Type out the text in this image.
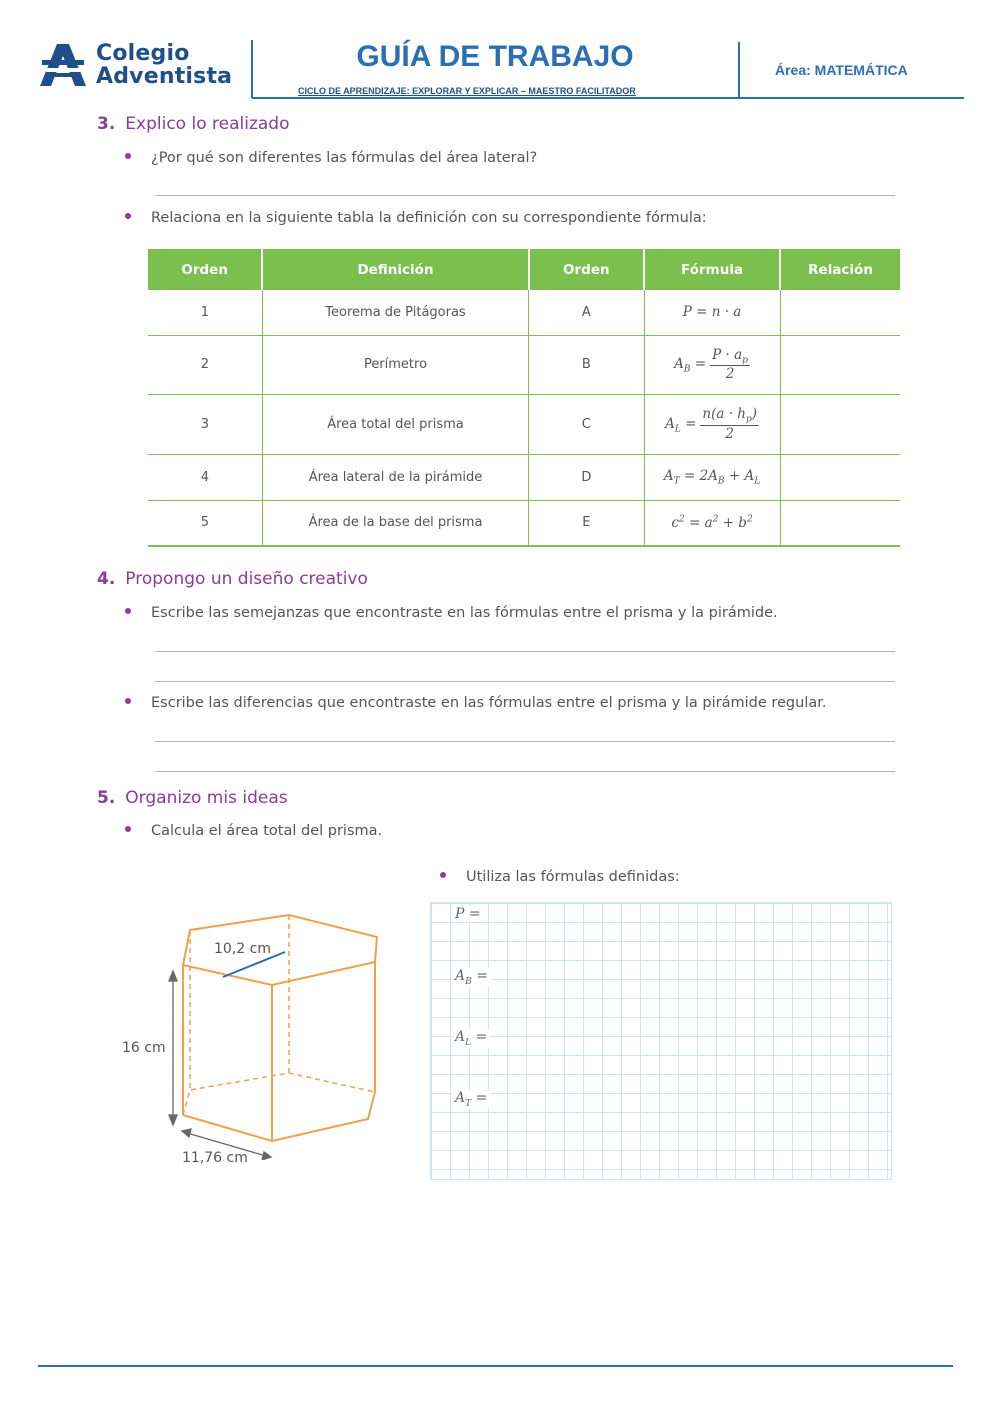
Colegio
Adventista
GUÍA DE TRABAJO
CICLO DE APRENDIZAJE: EXPLORAR Y EXPLICAR – MAESTRO FACILITADOR
Área: MATEMÁTICA
3. Explico lo realizado
¿Por qué son diferentes las fórmulas del área lateral?
Relaciona en la siguiente tabla la definición con su correspondiente fórmula:
Orden	Definición	Orden	Fórmula	Relación
1	Teorema de Pitágoras	A	P = n · a	
2	Perímetro	B	$A_B = \frac{P \cdot a_p}{2}$

3	Área total del prisma	C	$A_L = \frac{n(a \cdot h_p)}{2}$

4	Área lateral de la pirámide	D	$A_T = 2A_B + A_L$	
5	Área de la base del prisma	E	$c^2 = a^2 + b^2$	
4. Propongo un diseño creativo
Escribe las semejanzas que encontraste en las fórmulas entre el prisma y la pirámide.
Escribe las diferencias que encontraste en las fórmulas entre el prisma y la pirámide regular.
5. Organizo mis ideas
Calcula el área total del prisma.
Utiliza las fórmulas definidas:
10,2 cm
16 cm
11,76 cm
P =
$A_B$ =
$A_L$ =
$A_T$ =
